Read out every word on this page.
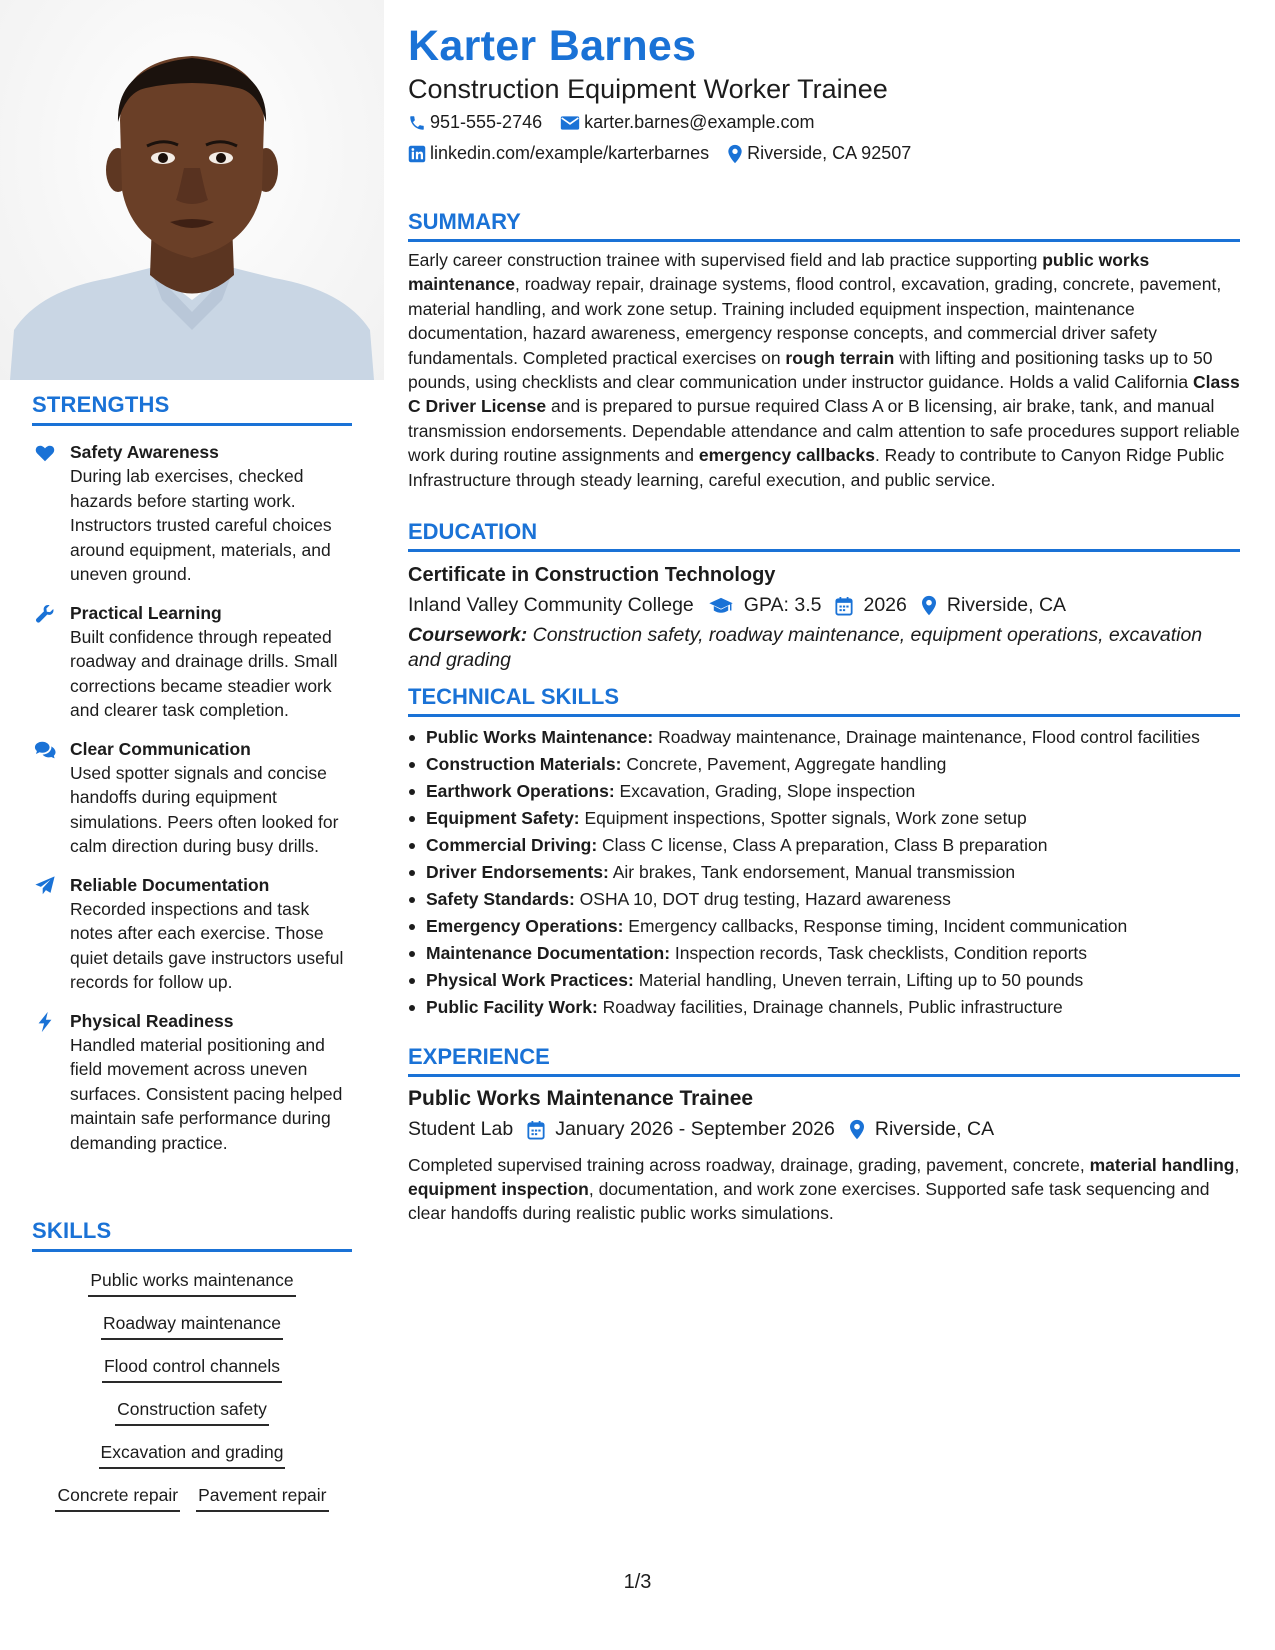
STRENGTHS
Safety Awareness
During lab exercises, checked hazards before starting work. Instructors trusted careful choices around equipment, materials, and uneven ground.
Practical Learning
Built confidence through repeated roadway and drainage drills. Small corrections became steadier work and clearer task completion.
Clear Communication
Used spotter signals and concise handoffs during equipment simulations. Peers often looked for calm direction during busy drills.
Reliable Documentation
Recorded inspections and task notes after each exercise. Those quiet details gave instructors useful records for follow up.
Physical Readiness
Handled material positioning and field movement across uneven surfaces. Consistent pacing helped maintain safe performance during demanding practice.
SKILLS
Public works maintenance
Roadway maintenance
Flood control channels
Construction safety
Excavation and grading
Concrete repair Pavement repair
Karter Barnes
Construction Equipment Worker Trainee
951-555-2746 karter.barnes@example.com
linkedin.com/example/karterbarnes Riverside, CA 92507
SUMMARY
Early career construction trainee with supervised field and lab practice supporting public works maintenance, roadway repair, drainage systems, flood control, excavation, grading, concrete, pavement, material handling, and work zone setup. Training included equipment inspection, maintenance documentation, hazard awareness, emergency response concepts, and commercial driver safety fundamentals. Completed practical exercises on rough terrain with lifting and positioning tasks up to 50 pounds, using checklists and clear communication under instructor guidance. Holds a valid California Class C Driver License and is prepared to pursue required Class A or B licensing, air brake, tank, and manual transmission endorsements. Dependable attendance and calm attention to safe procedures support reliable work during routine assignments and emergency callbacks. Ready to contribute to Canyon Ridge Public Infrastructure through steady learning, careful execution, and public service.
EDUCATION
Certificate in Construction Technology
Inland Valley Community College	GPA: 3.5 2026 Riverside, CA
Coursework: Construction safety, roadway maintenance, equipment operations, excavation and grading
TECHNICAL SKILLS
Public Works Maintenance: Roadway maintenance, Drainage maintenance, Flood control facilities
Construction Materials: Concrete, Pavement, Aggregate handling
Earthwork Operations: Excavation, Grading, Slope inspection
Equipment Safety: Equipment inspections, Spotter signals, Work zone setup
Commercial Driving: Class C license, Class A preparation, Class B preparation
Driver Endorsements: Air brakes, Tank endorsement, Manual transmission
Safety Standards: OSHA 10, DOT drug testing, Hazard awareness
Emergency Operations: Emergency callbacks, Response timing, Incident communication
Maintenance Documentation: Inspection records, Task checklists, Condition reports
Physical Work Practices: Material handling, Uneven terrain, Lifting up to 50 pounds
Public Facility Work: Roadway facilities, Drainage channels, Public infrastructure
EXPERIENCE
Public Works Maintenance Trainee
Student Lab January 2026 - September 2026 Riverside, CA
Completed supervised training across roadway, drainage, grading, pavement, concrete, material handling, equipment inspection, documentation, and work zone exercises. Supported safe task sequencing and clear handoffs during realistic public works simulations.
1/3
